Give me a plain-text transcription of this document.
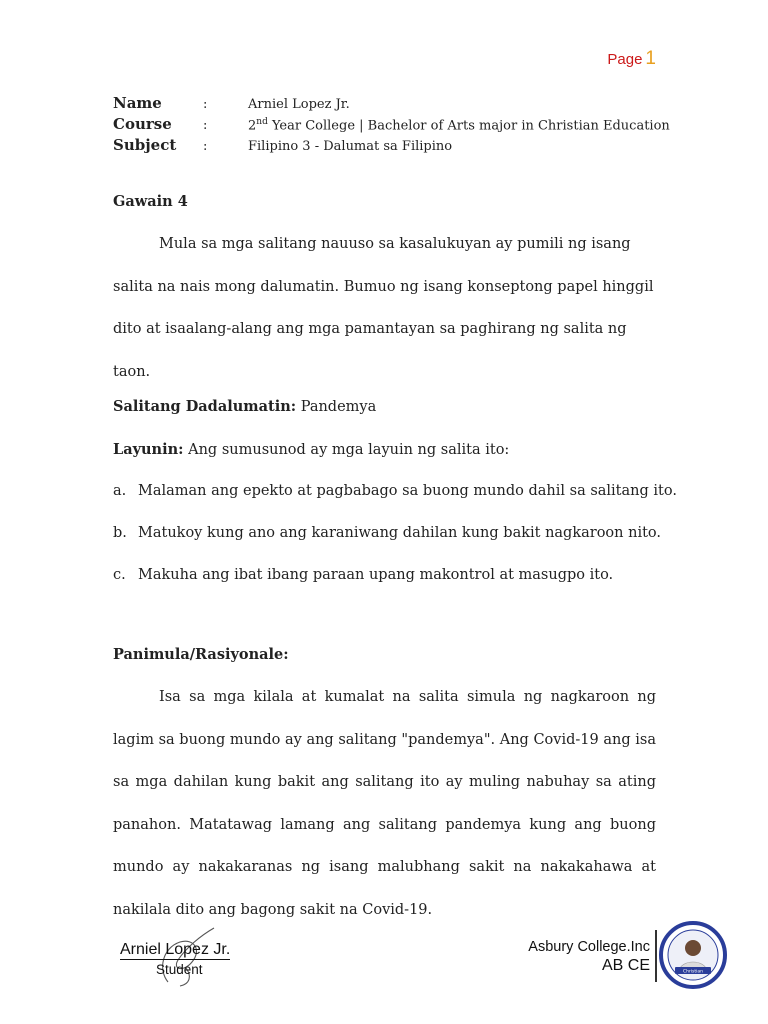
Page 1
Name	:	Arniel Lopez Jr.
Course	:	2nd Year College | Bachelor of Arts major in Christian Education
Subject	:	Filipino 3 - Dalumat sa Filipino
Gawain 4

Mula sa mga salitang nauuso sa kasalukuyan ay pumili ng isang salita na nais mong dalumatin. Bumuo ng isang konseptong papel hinggil dito at isaalang-alang ang mga pamantayan sa paghirang ng salita ng taon.

Salitang Dadalumatin: Pandemya
Layunin: Ang sumusunod ay mga layuin ng salita ito:
a. Malaman ang epekto at pagbabago sa buong mundo dahil sa salitang ito.
b. Matukoy kung ano ang karaniwang dahilan kung bakit nagkaroon nito.
c. Makuha ang ibat ibang paraan upang makontrol at masugpo ito.
Panimula/Rasiyonale:

Isa sa mga kilala at kumalat na salita simula ng nagkaroon ng lagim sa buong mundo ay ang salitang "pandemya". Ang Covid-19 ang isa sa mga dahilan kung bakit ang salitang ito ay muling nabuhay sa ating panahon. Matatawag lamang ang salitang pandemya kung ang buong mundo ay nakakaranas ng isang malubhang sakit na nakakahawa at nakilala dito ang bagong sakit na Covid-19.

Arniel Lopez Jr.
Student
Asbury College.Inc
AB CE	Christian
